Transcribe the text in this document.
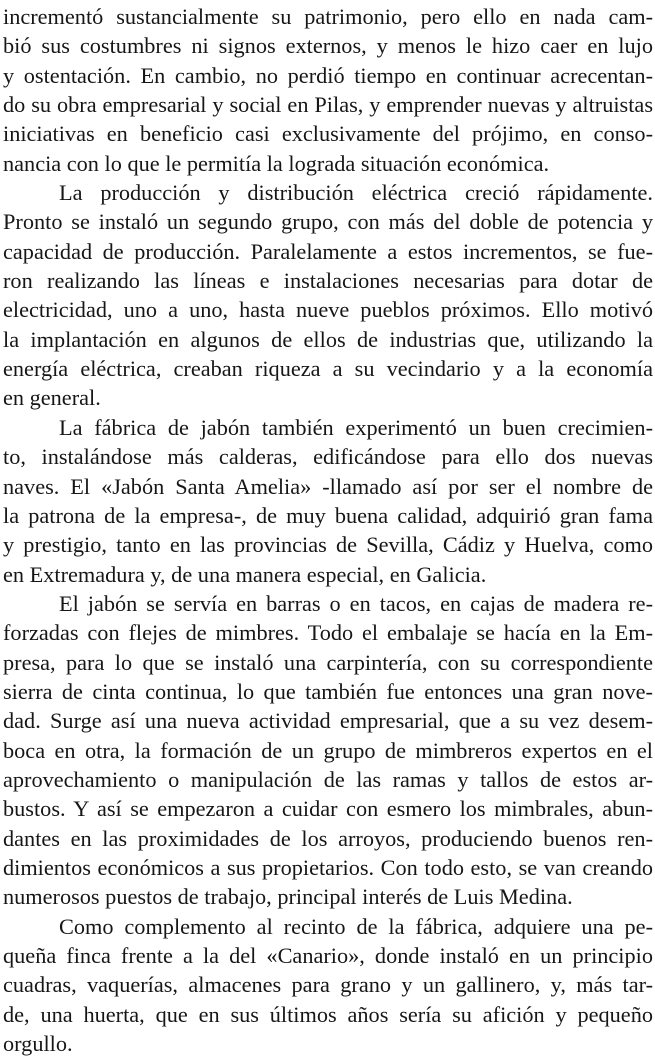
incrementó sustancialmente su patrimonio, pero ello en nada cam-
bió sus costumbres ni signos externos, y menos le hizo caer en lujo
y ostentación. En cambio, no perdió tiempo en continuar acrecentan-
do su obra empresarial y social en Pilas, y emprender nuevas y altruistas
iniciativas en beneficio casi exclusivamente del prójimo, en conso-
nancia con lo que le permitía la lograda situación económica.
La producción y distribución eléctrica creció rápidamente.
Pronto se instaló un segundo grupo, con más del doble de potencia y
capacidad de producción. Paralelamente a estos incrementos, se fue-
ron realizando las líneas e instalaciones necesarias para dotar de
electricidad, uno a uno, hasta nueve pueblos próximos. Ello motivó
la implantación en algunos de ellos de industrias que, utilizando la
energía eléctrica, creaban riqueza a su vecindario y a la economía
en general.
La fábrica de jabón también experimentó un buen crecimien-
to, instalándose más calderas, edificándose para ello dos nuevas
naves. El «Jabón Santa Amelia» -llamado así por ser el nombre de
la patrona de la empresa-, de muy buena calidad, adquirió gran fama
y prestigio, tanto en las provincias de Sevilla, Cádiz y Huelva, como
en Extremadura y, de una manera especial, en Galicia.
El jabón se servía en barras o en tacos, en cajas de madera re-
forzadas con flejes de mimbres. Todo el embalaje se hacía en la Em-
presa, para lo que se instaló una carpintería, con su correspondiente
sierra de cinta continua, lo que también fue entonces una gran nove-
dad. Surge así una nueva actividad empresarial, que a su vez desem-
boca en otra, la formación de un grupo de mimbreros expertos en el
aprovechamiento o manipulación de las ramas y tallos de estos ar-
bustos. Y así se empezaron a cuidar con esmero los mimbrales, abun-
dantes en las proximidades de los arroyos, produciendo buenos ren-
dimientos económicos a sus propietarios. Con todo esto, se van creando
numerosos puestos de trabajo, principal interés de Luis Medina.
Como complemento al recinto de la fábrica, adquiere una pe-
queña finca frente a la del «Canario», donde instaló en un principio
cuadras, vaquerías, almacenes para grano y un gallinero, y, más tar-
de, una huerta, que en sus últimos años sería su afición y pequeño
orgullo.
